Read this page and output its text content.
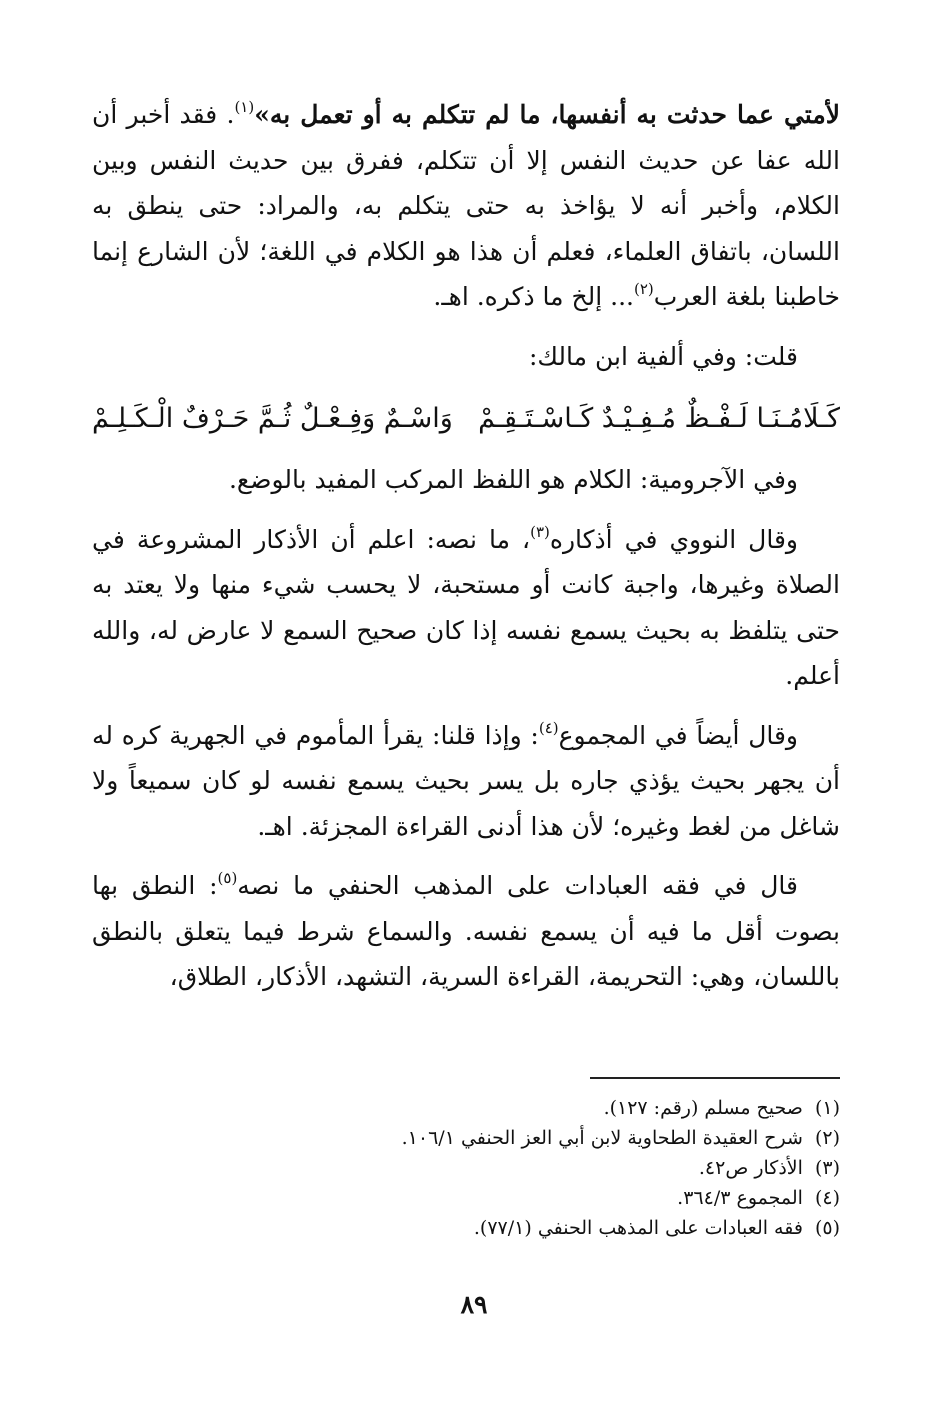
لأمتي عما حدثت به أنفسها، ما لم تتكلم به أو تعمل به»$^{(١)}$. فقد أخبر أن الله عفا عن حديث النفس إلا أن تتكلم، ففرق بين حديث النفس وبين الكلام، وأخبر أنه لا يؤاخذ به حتى يتكلم به، والمراد: حتى ينطق به اللسان، باتفاق العلماء، فعلم أن هذا هو الكلام في اللغة؛ لأن الشارع إنما خاطبنا بلغة العرب$^{(٢)}$... إلخ ما ذكره. اهـ.

قلت: وفي ألفية ابن مالك:

كَـلَامُـنَـا لَـفْـظٌ مُـفِـيْـدٌ كَـاسْـتَـقِـمْ
وَاسْـمٌ وَفِـعْـلٌ ثُـمَّ حَـرْفٌ الْـكَـلِـمْ

وفي الآجرومية: الكلام هو اللفظ المركب المفيد بالوضع.

وقال النووي في أذكاره$^{(٣)}$، ما نصه: اعلم أن الأذكار المشروعة في الصلاة وغيرها، واجبة كانت أو مستحبة، لا يحسب شيء منها ولا يعتد به حتى يتلفظ به بحيث يسمع نفسه إذا كان صحيح السمع لا عارض له، والله أعلم.

وقال أيضاً في المجموع$^{(٤)}$: وإذا قلنا: يقرأ المأموم في الجهرية كره له أن يجهر بحيث يؤذي جاره بل يسر بحيث يسمع نفسه لو كان سميعاً ولا شاغل من لغط وغيره؛ لأن هذا أدنى القراءة المجزئة. اهـ.

قال في فقه العبادات على المذهب الحنفي ما نصه$^{(٥)}$: النطق بها بصوت أقل ما فيه أن يسمع نفسه. والسماع شرط فيما يتعلق بالنطق باللسان، وهي: التحريمة، القراءة السرية، التشهد، الأذكار، الطلاق،

(١)صحيح مسلم (رقم: ١٢٧).
(٢)شرح العقيدة الطحاوية لابن أبي العز الحنفي ١٠٦/١.
(٣)الأذكار ص٤٢.
(٤)المجموع ٣٦٤/٣.
(٥)فقه العبادات على المذهب الحنفي (٧٧/١).
٨٩
